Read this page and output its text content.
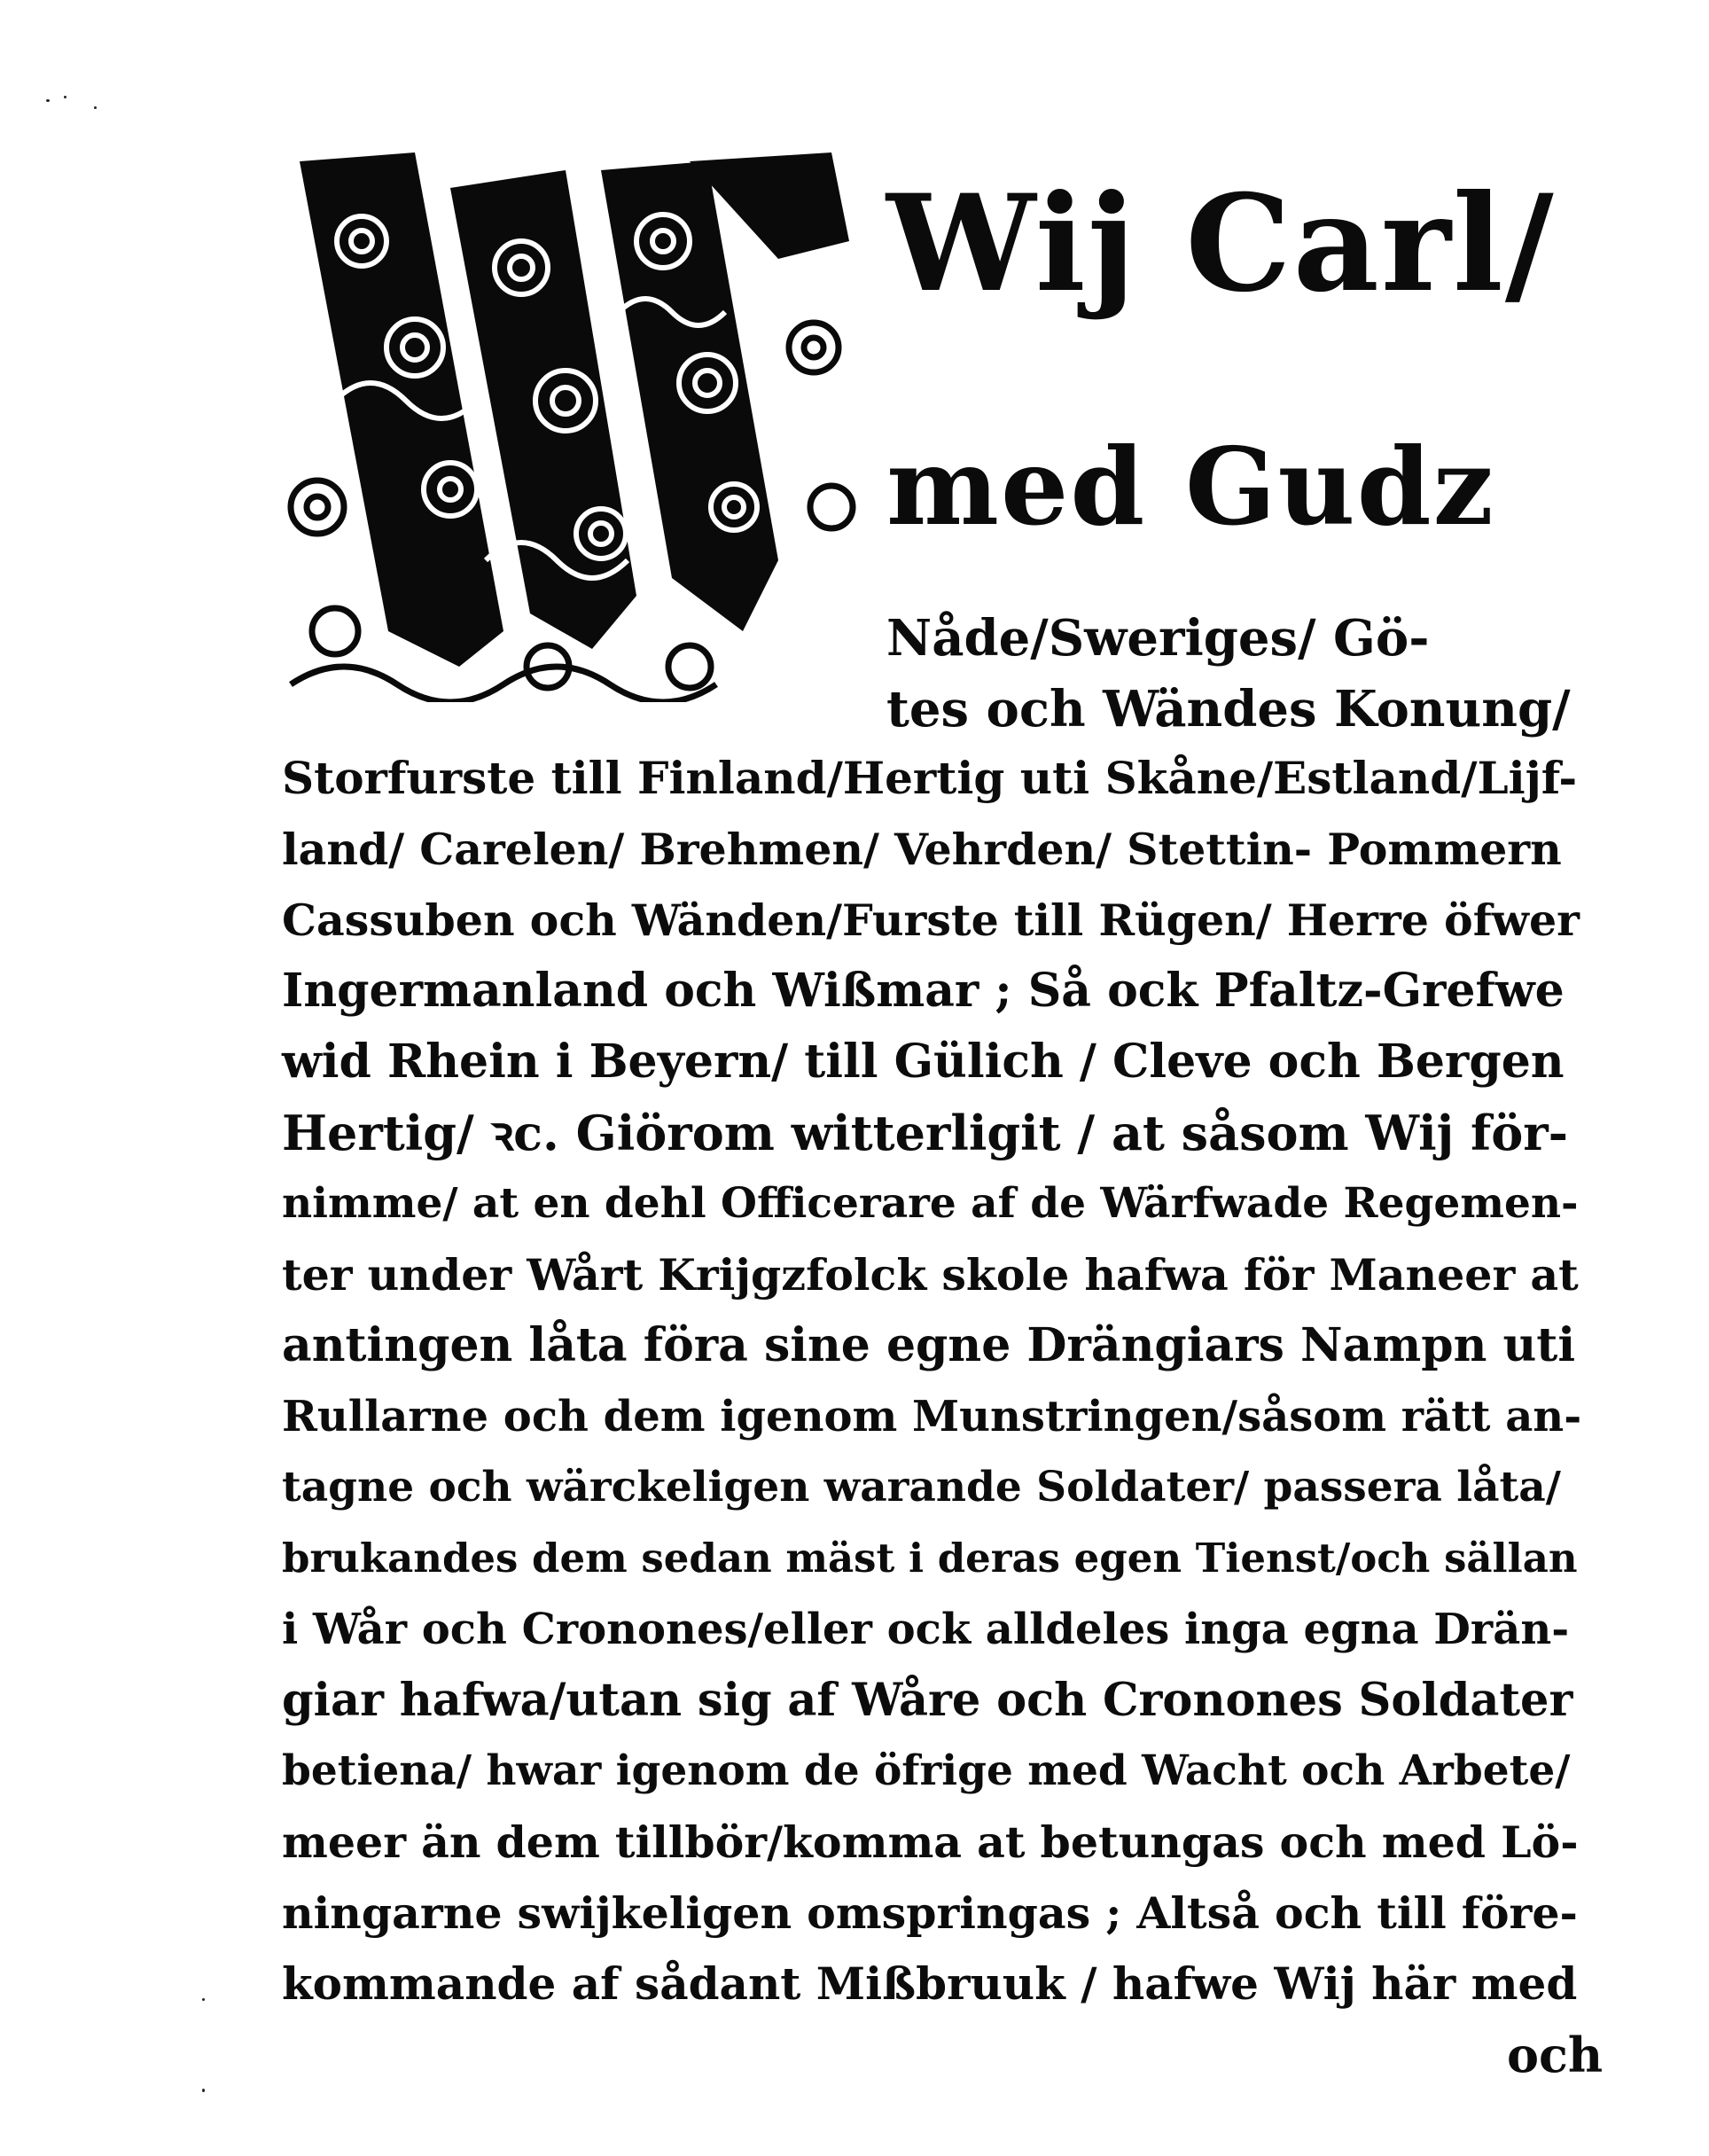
Wij Carl/
med Gudz
Nåde/Sweriges/ Gö-
tes och Wändes Konung/
Storfurste till Finland/Hertig uti Skåne/Estland/Lijf-
land/ Carelen/ Brehmen/ Vehrden/ Stettin- Pommern
Cassuben och Wänden/Furste till Rügen/ Herre öfwer
Ingermanland och Wißmar ; Så ock Pfaltz-Grefwe
wid Rhein i Beyern/ till Gülich / Cleve och Bergen
Hertig/ ꝛc. Giörom witterligit / at såsom Wij för-
nimme/ at en dehl Officerare af de Wärfwade Regemen-
ter under Wårt Krijgzfolck skole hafwa för Maneer at
antingen låta föra sine egne Drängiars Nampn uti
Rullarne och dem igenom Munstringen/såsom rätt an-
tagne och wärckeligen warande Soldater/ passera låta/
brukandes dem sedan mäst i deras egen Tienst/och sällan
i Wår och Cronones/eller ock alldeles inga egna Drän-
giar hafwa/utan sig af Wåre och Cronones Soldater
betiena/ hwar igenom de öfrige med Wacht och Arbete/
meer än dem tillbör/komma at betungas och med Lö-
ningarne swijkeligen omspringas ; Altså och till före-
kommande af sådant Mißbruuk / hafwe Wij här med
och
